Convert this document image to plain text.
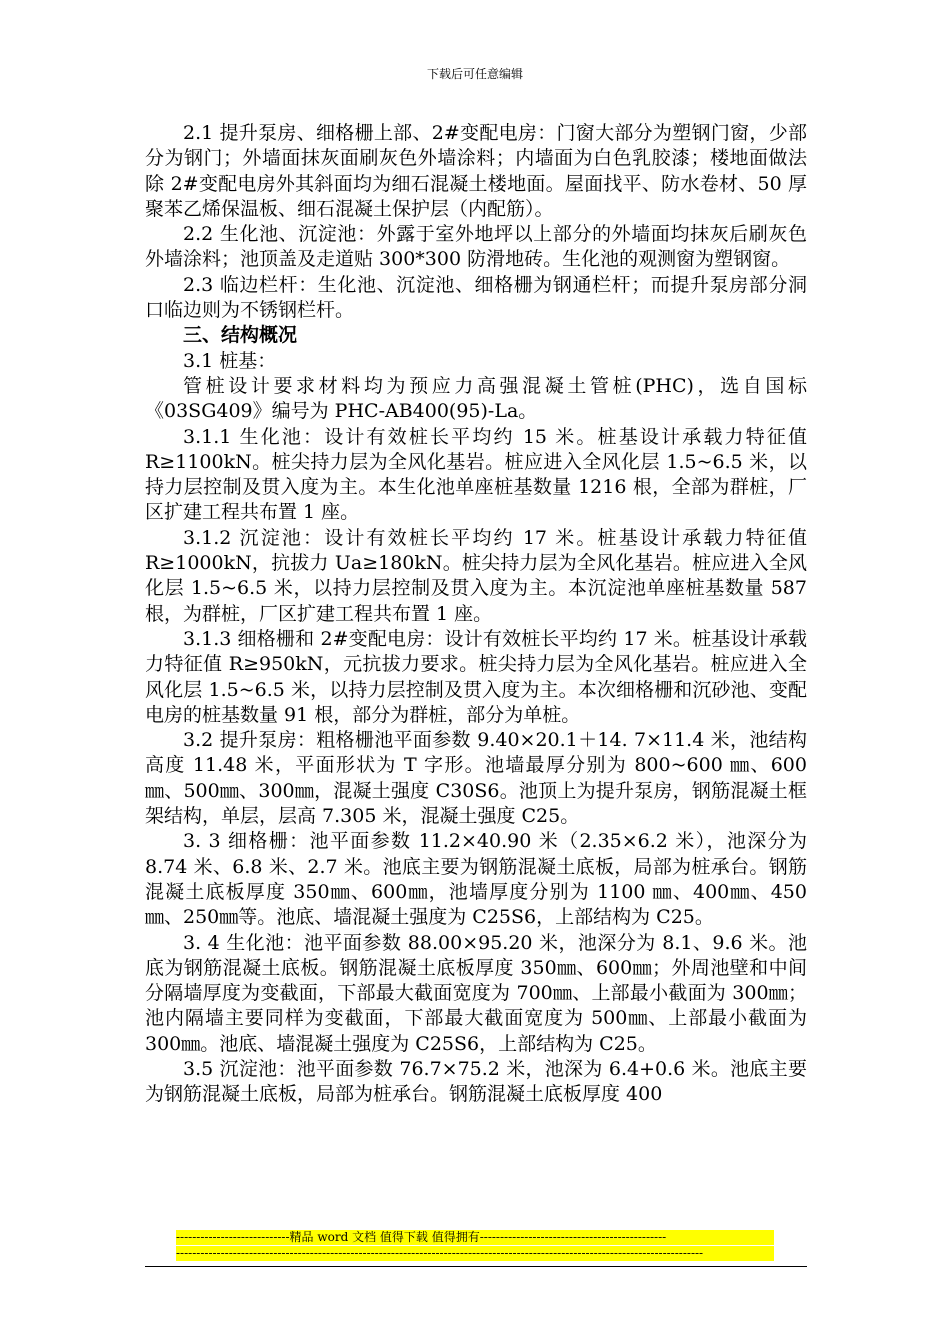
下载后可任意编辑

2.1 提升泵房、细格栅上部、2#变配电房：门窗大部分为塑钢门窗，少部分为钢门；外墙面抹灰面刷灰色外墙涂料；内墙面为白色乳胶漆；楼地面做法除 2#变配电房外其斜面均为细石混凝土楼地面。屋面找平、防水卷材、50 厚聚苯乙烯保温板、细石混凝土保护层（内配筋）。

2.2 生化池、沉淀池：外露于室外地坪以上部分的外墙面均抹灰后刷灰色外墙涂料；池顶盖及走道贴 300*300 防滑地砖。生化池的观测窗为塑钢窗。

2.3 临边栏杆：生化池、沉淀池、细格栅为钢通栏杆；而提升泵房部分洞口临边则为不锈钢栏杆。

三、结构概况

3.1 桩基：

管桩设计要求材料均为预应力高强混凝土管桩(PHC)，选自国标《03SG409》编号为 PHC-AB400(95)-La。

3.1.1 生化池：设计有效桩长平均约 15 米。桩基设计承载力特征值 R≥1100kN。桩尖持力层为全风化基岩。桩应进入全风化层 1.5~6.5 米，以持力层控制及贯入度为主。本生化池单座桩基数量 1216 根，全部为群桩，厂区扩建工程共布置 1 座。

3.1.2 沉淀池：设计有效桩长平均约 17 米。桩基设计承载力特征值 R≥1000kN，抗拔力 Ua≥180kN。桩尖持力层为全风化基岩。桩应进入全风化层 1.5~6.5 米，以持力层控制及贯入度为主。本沉淀池单座桩基数量 587 根，为群桩，厂区扩建工程共布置 1 座。

3.1.3 细格栅和 2#变配电房：设计有效桩长平均约 17 米。桩基设计承载力特征值 R≥950kN，元抗拔力要求。桩尖持力层为全风化基岩。桩应进入全风化层 1.5~6.5 米，以持力层控制及贯入度为主。本次细格栅和沉砂池、变配电房的桩基数量 91 根，部分为群桩，部分为单桩。

3.2 提升泵房：粗格栅池平面参数 9.40×20.1＋14. 7×11.4 米，池结构高度 11.48 米，平面形状为 T 字形。池墙最厚分别为 800~600 ㎜、600㎜、500㎜、300㎜，混凝土强度 C30S6。池顶上为提升泵房，钢筋混凝土框架结构，单层，层高 7.305 米，混凝土强度 C25。

3. 3 细格栅：池平面参数 11.2×40.90 米（2.35×6.2 米），池深分为 8.74 米、6.8 米、2.7 米。池底主要为钢筋混凝土底板，局部为桩承台。钢筋混凝土底板厚度 350㎜、600㎜，池墙厚度分别为 1100 ㎜、400㎜、450㎜、250㎜等。池底、墙混凝土强度为 C25S6，上部结构为 C25。

3. 4 生化池：池平面参数 88.00×95.20 米，池深分为 8.1、9.6 米。池底为钢筋混凝土底板。钢筋混凝土底板厚度 350㎜、600㎜；外周池壁和中间分隔墙厚度为变截面，下部最大截面宽度为 700㎜、上部最小截面为 300㎜；池内隔墙主要同样为变截面，下部最大截面宽度为 500㎜、上部最小截面为 300㎜。池底、墙混凝土强度为 C25S6，上部结构为 C25。

3.5 沉淀池：池平面参数 76.7×75.2 米，池深为 6.4+0.6 米。池底主要为钢筋混凝土底板，局部为桩承台。钢筋混凝土底板厚度 400

----------------------------精品 word 文档 值得下载 值得拥有----------------------------------------------
----------------------------------------------------------------------------------------------------------------------------------
